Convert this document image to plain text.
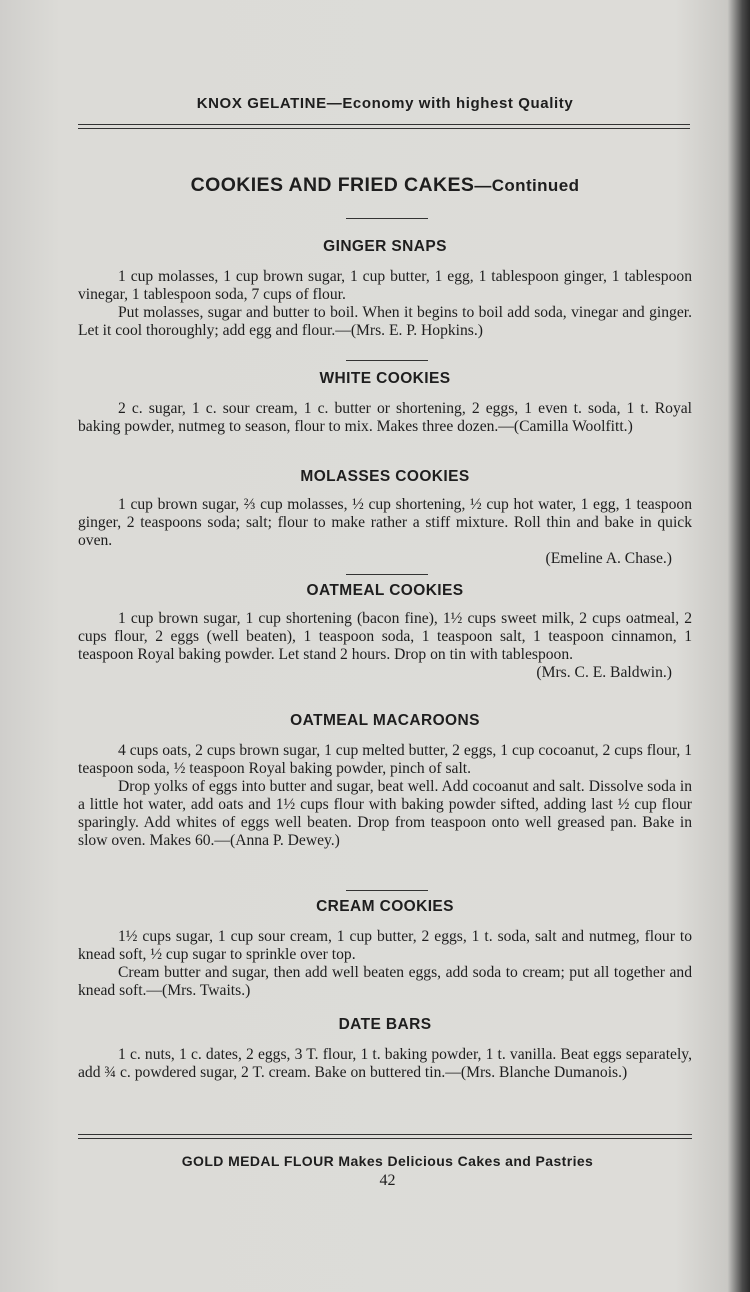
KNOX GELATINE—Economy with highest Quality
COOKIES AND FRIED CAKES—Continued
GINGER SNAPS

1 cup molasses, 1 cup brown sugar, 1 cup butter, 1 egg, 1 tablespoon ginger, 1 tablespoon vinegar, 1 tablespoon soda, 7 cups of flour.

Put molasses, sugar and butter to boil. When it begins to boil add soda, vinegar and ginger. Let it cool thoroughly; add egg and flour.—(Mrs. E. P. Hopkins.)

WHITE COOKIES

2 c. sugar, 1 c. sour cream, 1 c. butter or shortening, 2 eggs, 1 even t. soda, 1 t. Royal baking powder, nutmeg to season, flour to mix. Makes three dozen.—(Camilla Woolfitt.)

MOLASSES COOKIES

1 cup brown sugar, ⅔ cup molasses, ½ cup shortening, ½ cup hot water, 1 egg, 1 teaspoon ginger, 2 teaspoons soda; salt; flour to make rather a stiff mixture. Roll thin and bake in quick oven.

(Emeline A. Chase.)
OATMEAL COOKIES

1 cup brown sugar, 1 cup shortening (bacon fine), 1½ cups sweet milk, 2 cups oatmeal, 2 cups flour, 2 eggs (well beaten), 1 teaspoon soda, 1 teaspoon salt, 1 teaspoon cinnamon, 1 teaspoon Royal baking powder. Let stand 2 hours. Drop on tin with tablespoon.

(Mrs. C. E. Baldwin.)
OATMEAL MACAROONS

4 cups oats, 2 cups brown sugar, 1 cup melted butter, 2 eggs, 1 cup cocoanut, 2 cups flour, 1 teaspoon soda, ½ teaspoon Royal baking powder, pinch of salt.

Drop yolks of eggs into butter and sugar, beat well. Add cocoanut and salt. Dissolve soda in a little hot water, add oats and 1½ cups flour with baking powder sifted, adding last ½ cup flour sparingly. Add whites of eggs well beaten. Drop from teaspoon onto well greased pan. Bake in slow oven. Makes 60.—(Anna P. Dewey.)

CREAM COOKIES

1½ cups sugar, 1 cup sour cream, 1 cup butter, 2 eggs, 1 t. soda, salt and nutmeg, flour to knead soft, ½ cup sugar to sprinkle over top.

Cream butter and sugar, then add well beaten eggs, add soda to cream; put all together and knead soft.—(Mrs. Twaits.)

DATE BARS

1 c. nuts, 1 c. dates, 2 eggs, 3 T. flour, 1 t. baking powder, 1 t. vanilla. Beat eggs separately, add ¾ c. powdered sugar, 2 T. cream. Bake on buttered tin.—(Mrs. Blanche Dumanois.)

GOLD MEDAL FLOUR Makes Delicious Cakes and Pastries
42
